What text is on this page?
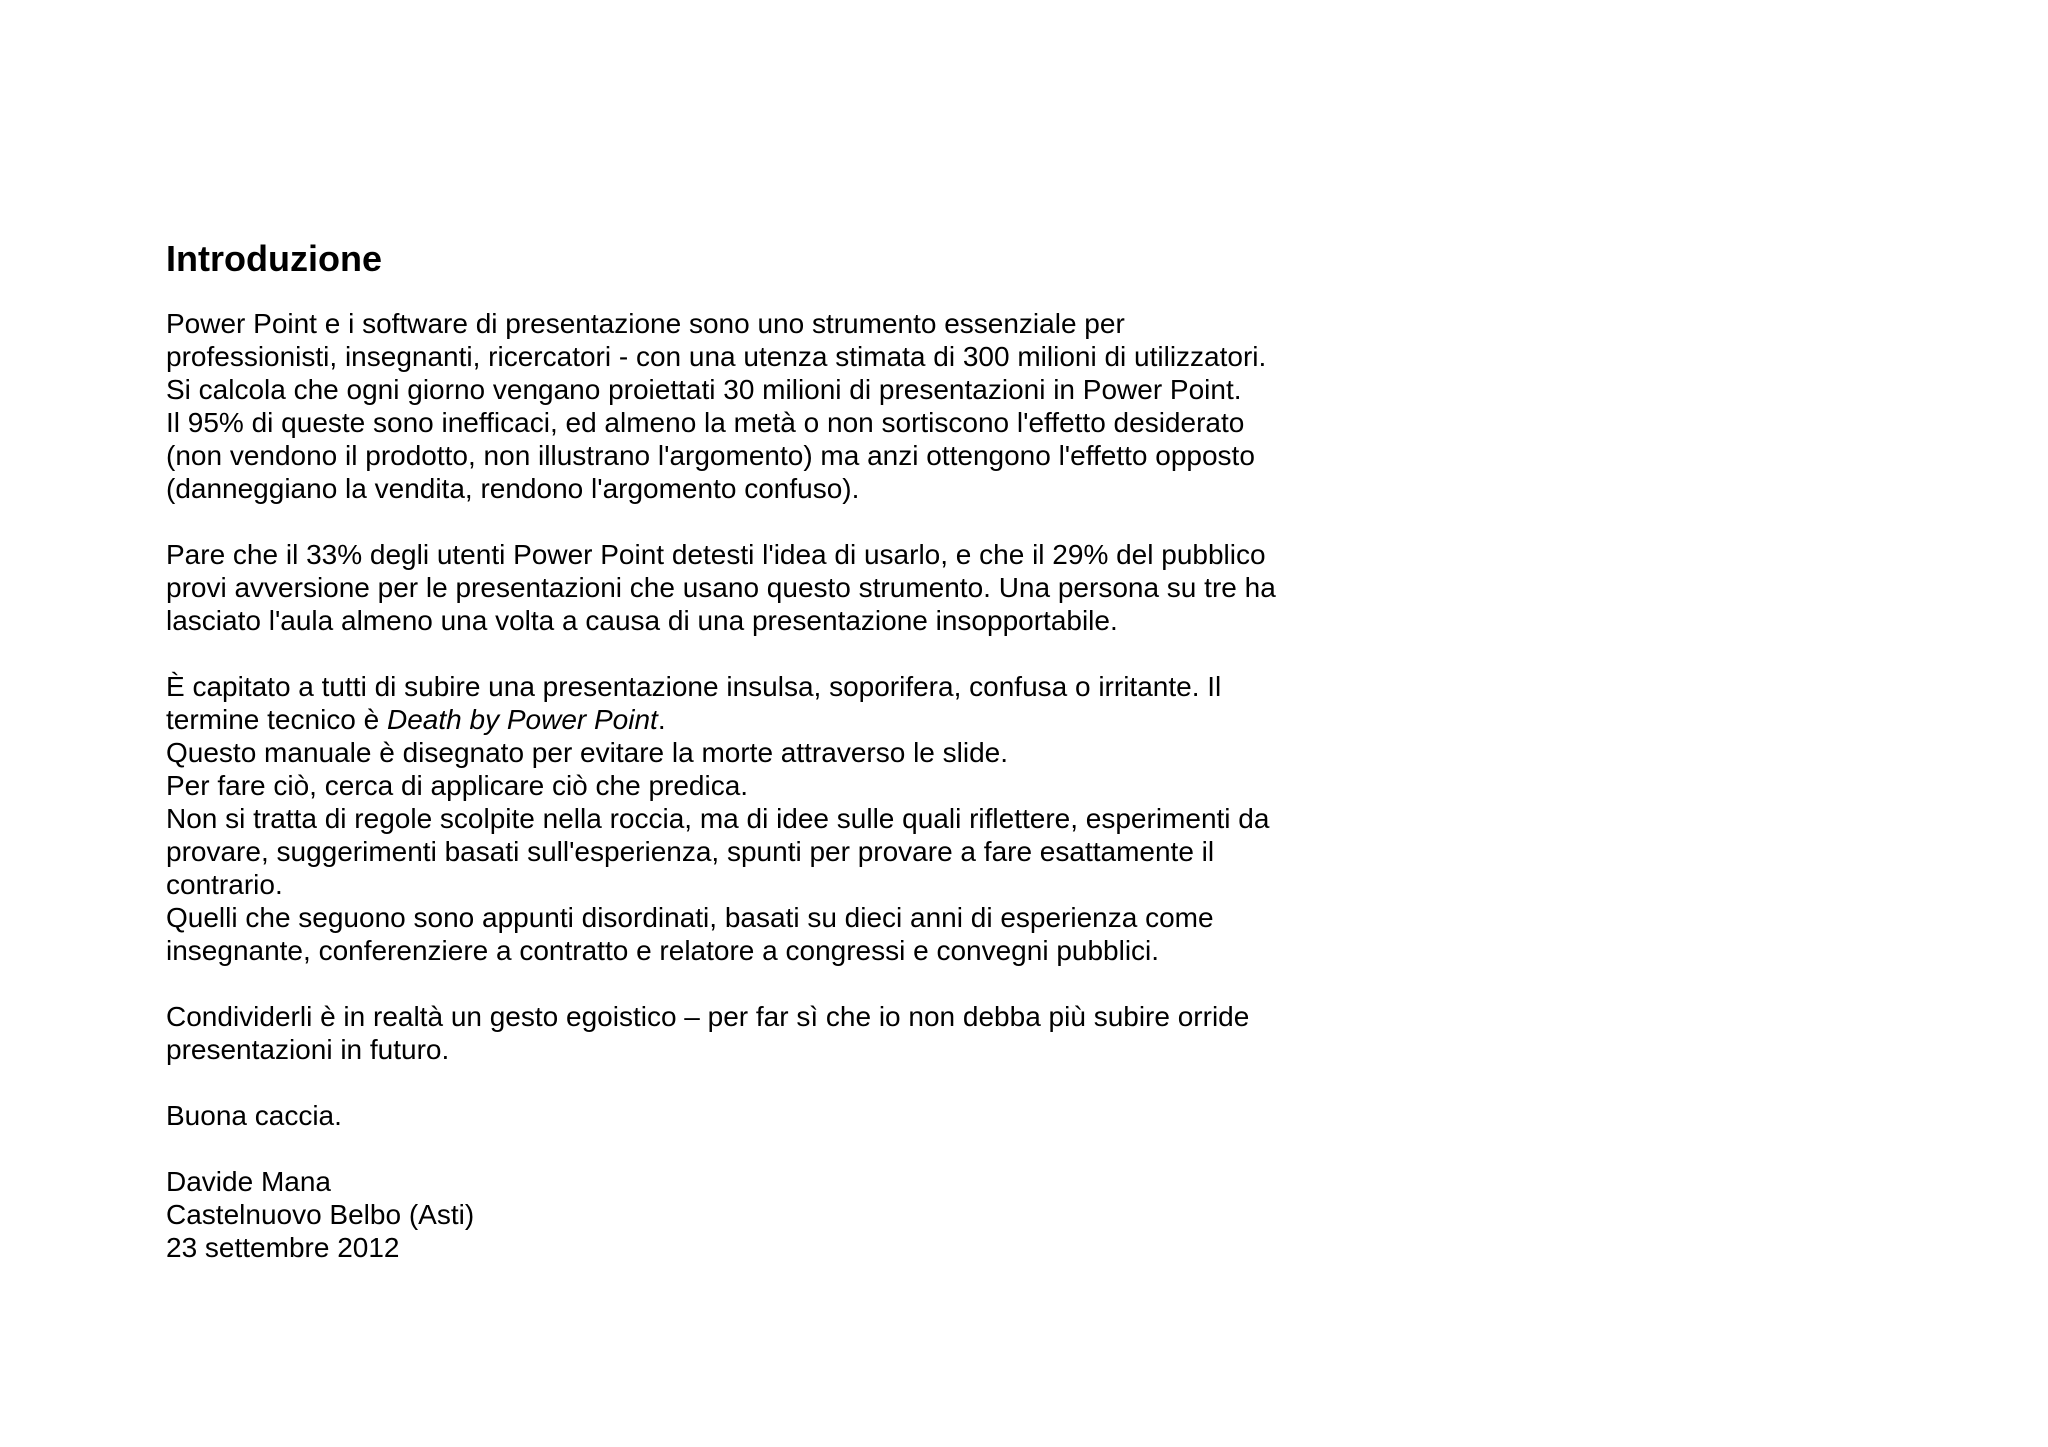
Introduzione
Power Point e i software di presentazione sono uno strumento essenziale per
professionisti, insegnanti, ricercatori - con una utenza stimata di 300 milioni di utilizzatori.
Si calcola che ogni giorno vengano proiettati 30 milioni di presentazioni in Power Point.
Il 95% di queste sono inefficaci, ed almeno la metà o non sortiscono l'effetto desiderato
(non vendono il prodotto, non illustrano l'argomento) ma anzi ottengono l'effetto opposto
(danneggiano la vendita, rendono l'argomento confuso).
Pare che il 33% degli utenti Power Point detesti l'idea di usarlo, e che il 29% del pubblico
provi avversione per le presentazioni che usano questo strumento. Una persona su tre ha
lasciato l'aula almeno una volta a causa di una presentazione insopportabile.
È capitato a tutti di subire una presentazione insulsa, soporifera, confusa o irritante. Il
termine tecnico è Death by Power Point.
Questo manuale è disegnato per evitare la morte attraverso le slide.
Per fare ciò, cerca di applicare ciò che predica.
Non si tratta di regole scolpite nella roccia, ma di idee sulle quali riflettere, esperimenti da
provare, suggerimenti basati sull'esperienza, spunti per provare a fare esattamente il
contrario.
Quelli che seguono sono appunti disordinati, basati su dieci anni di esperienza come
insegnante, conferenziere a contratto e relatore a congressi e convegni pubblici.
Condividerli è in realtà un gesto egoistico – per far sì che io non debba più subire orride
presentazioni in futuro.
Buona caccia.
Davide Mana
Castelnuovo Belbo (Asti)
23 settembre 2012
